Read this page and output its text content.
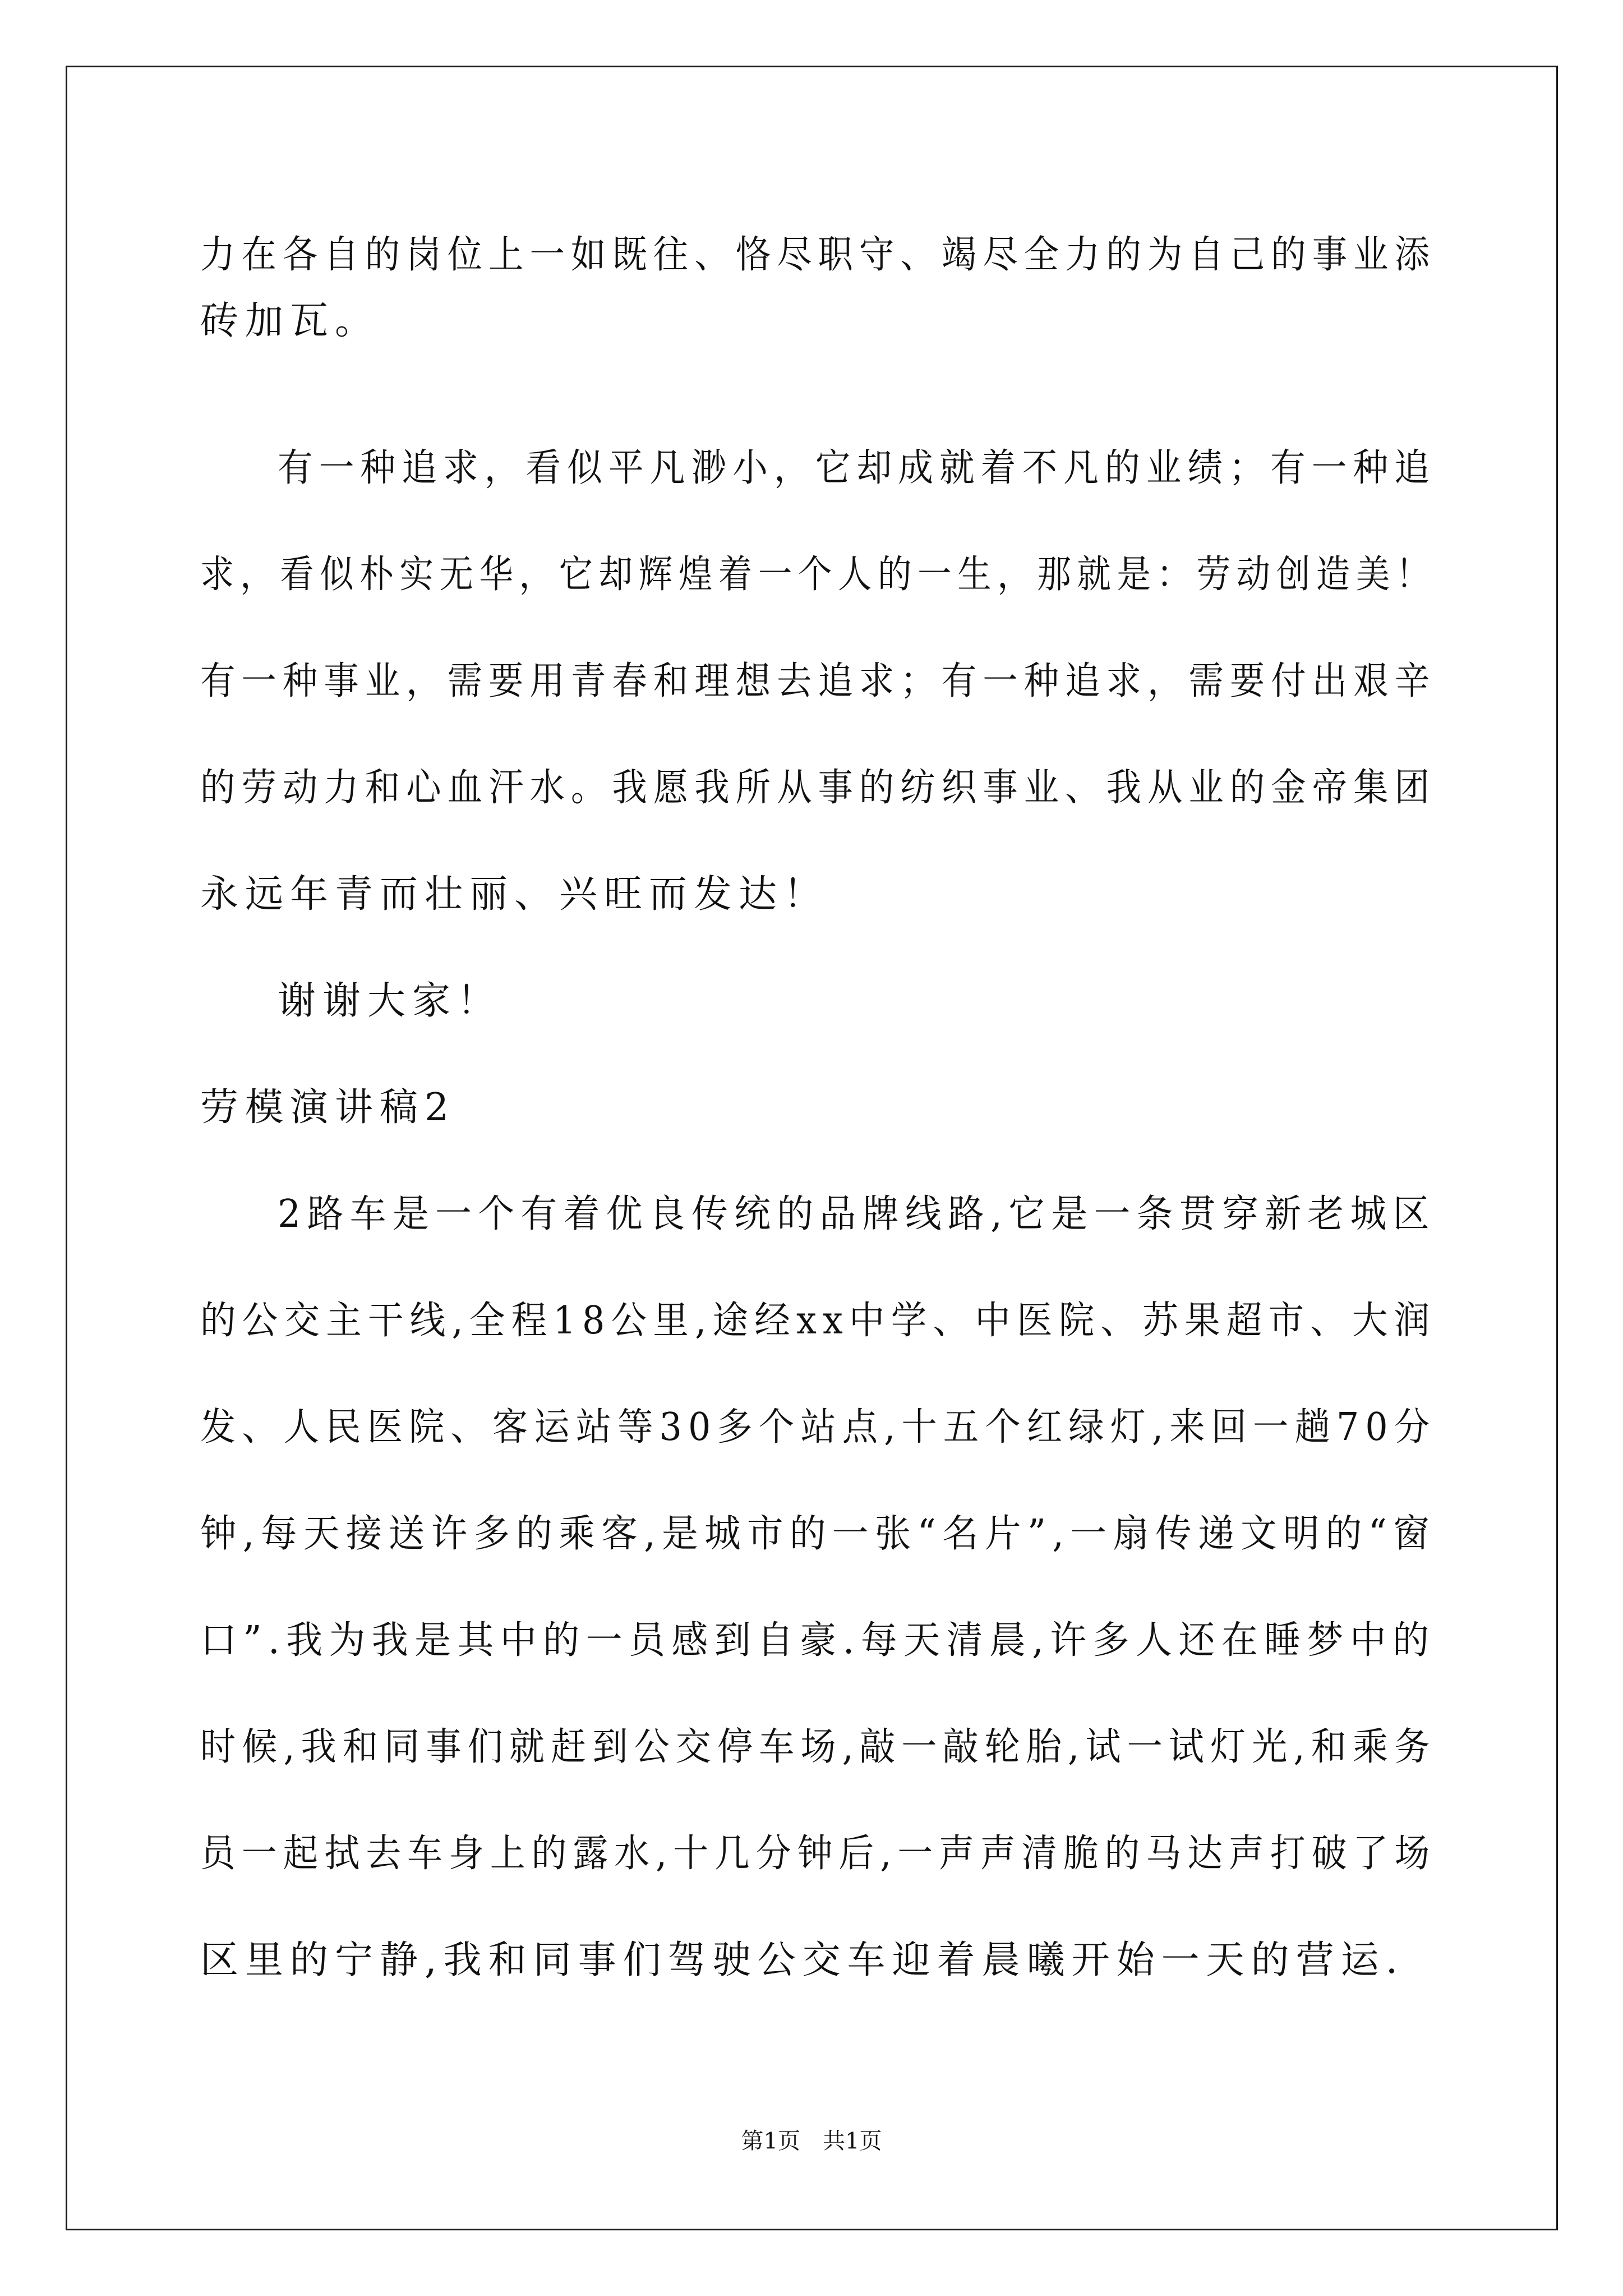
力在各自的岗位上一如既往、恪尽职守、竭尽全力的为自己的事业添
砖加瓦。
有一种追求，看似平凡渺小，它却成就着不凡的业绩；有一种追
求，看似朴实无华，它却辉煌着一个人的一生，那就是：劳动创造美！
有一种事业，需要用青春和理想去追求；有一种追求，需要付出艰辛
的劳动力和心血汗水。我愿我所从事的纺织事业、我从业的金帝集团
永远年青而壮丽、兴旺而发达！
谢谢大家！
劳模演讲稿2
2路车是一个有着优良传统的品牌线路,它是一条贯穿新老城区
的公交主干线,全程18公里,途经xx中学、中医院、苏果超市、大润
发、人民医院、客运站等30多个站点,十五个红绿灯,来回一趟70分
钟,每天接送许多的乘客,是城市的一张“名片”,一扇传递文明的“窗
口”.我为我是其中的一员感到自豪.每天清晨,许多人还在睡梦中的
时候,我和同事们就赶到公交停车场,敲一敲轮胎,试一试灯光,和乘务
员一起拭去车身上的露水,十几分钟后,一声声清脆的马达声打破了场
区里的宁静,我和同事们驾驶公交车迎着晨曦开始一天的营运.
第1页　共1页
